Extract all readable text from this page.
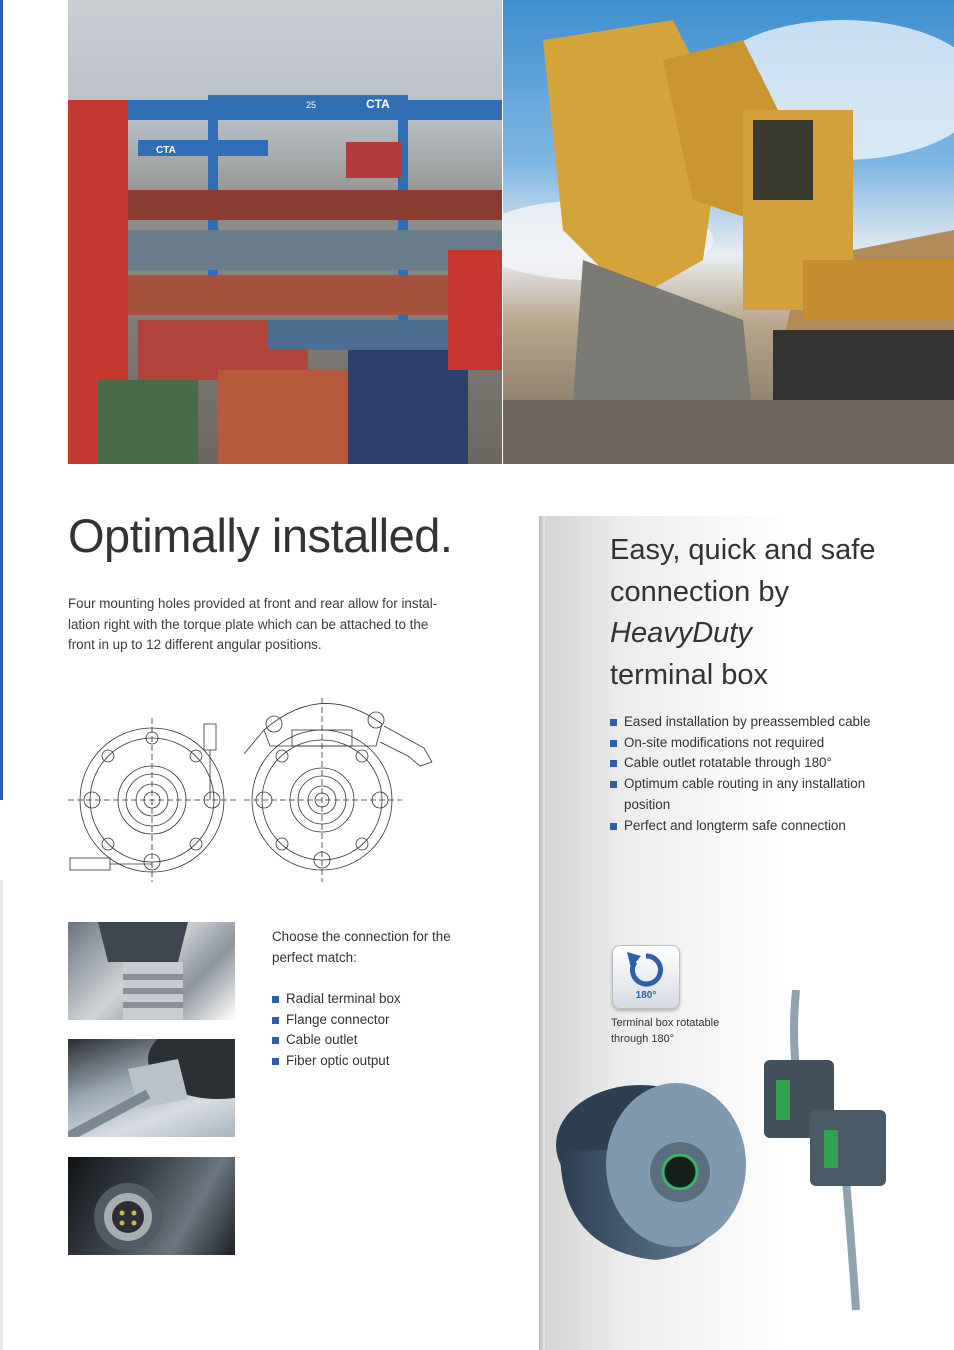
CTA
CTA
25
Optimally installed.

Four mounting holes provided at front and rear allow for instal-lation right with the torque plate which can be attached to the front in up to 12 different angular positions.

Choose the connection for the perfect match:

Radial terminal box
Flange connector
Cable outlet
Fiber optic output
Easy, quick and safe
connection by
HeavyDuty
terminal box
Eased installation by preassembled cable
On-site modifications not required
Cable outlet rotatable through 180°
Optimum cable routing in any installation position
Perfect and longterm safe connection
180°

Terminal box rotatable through 180°
